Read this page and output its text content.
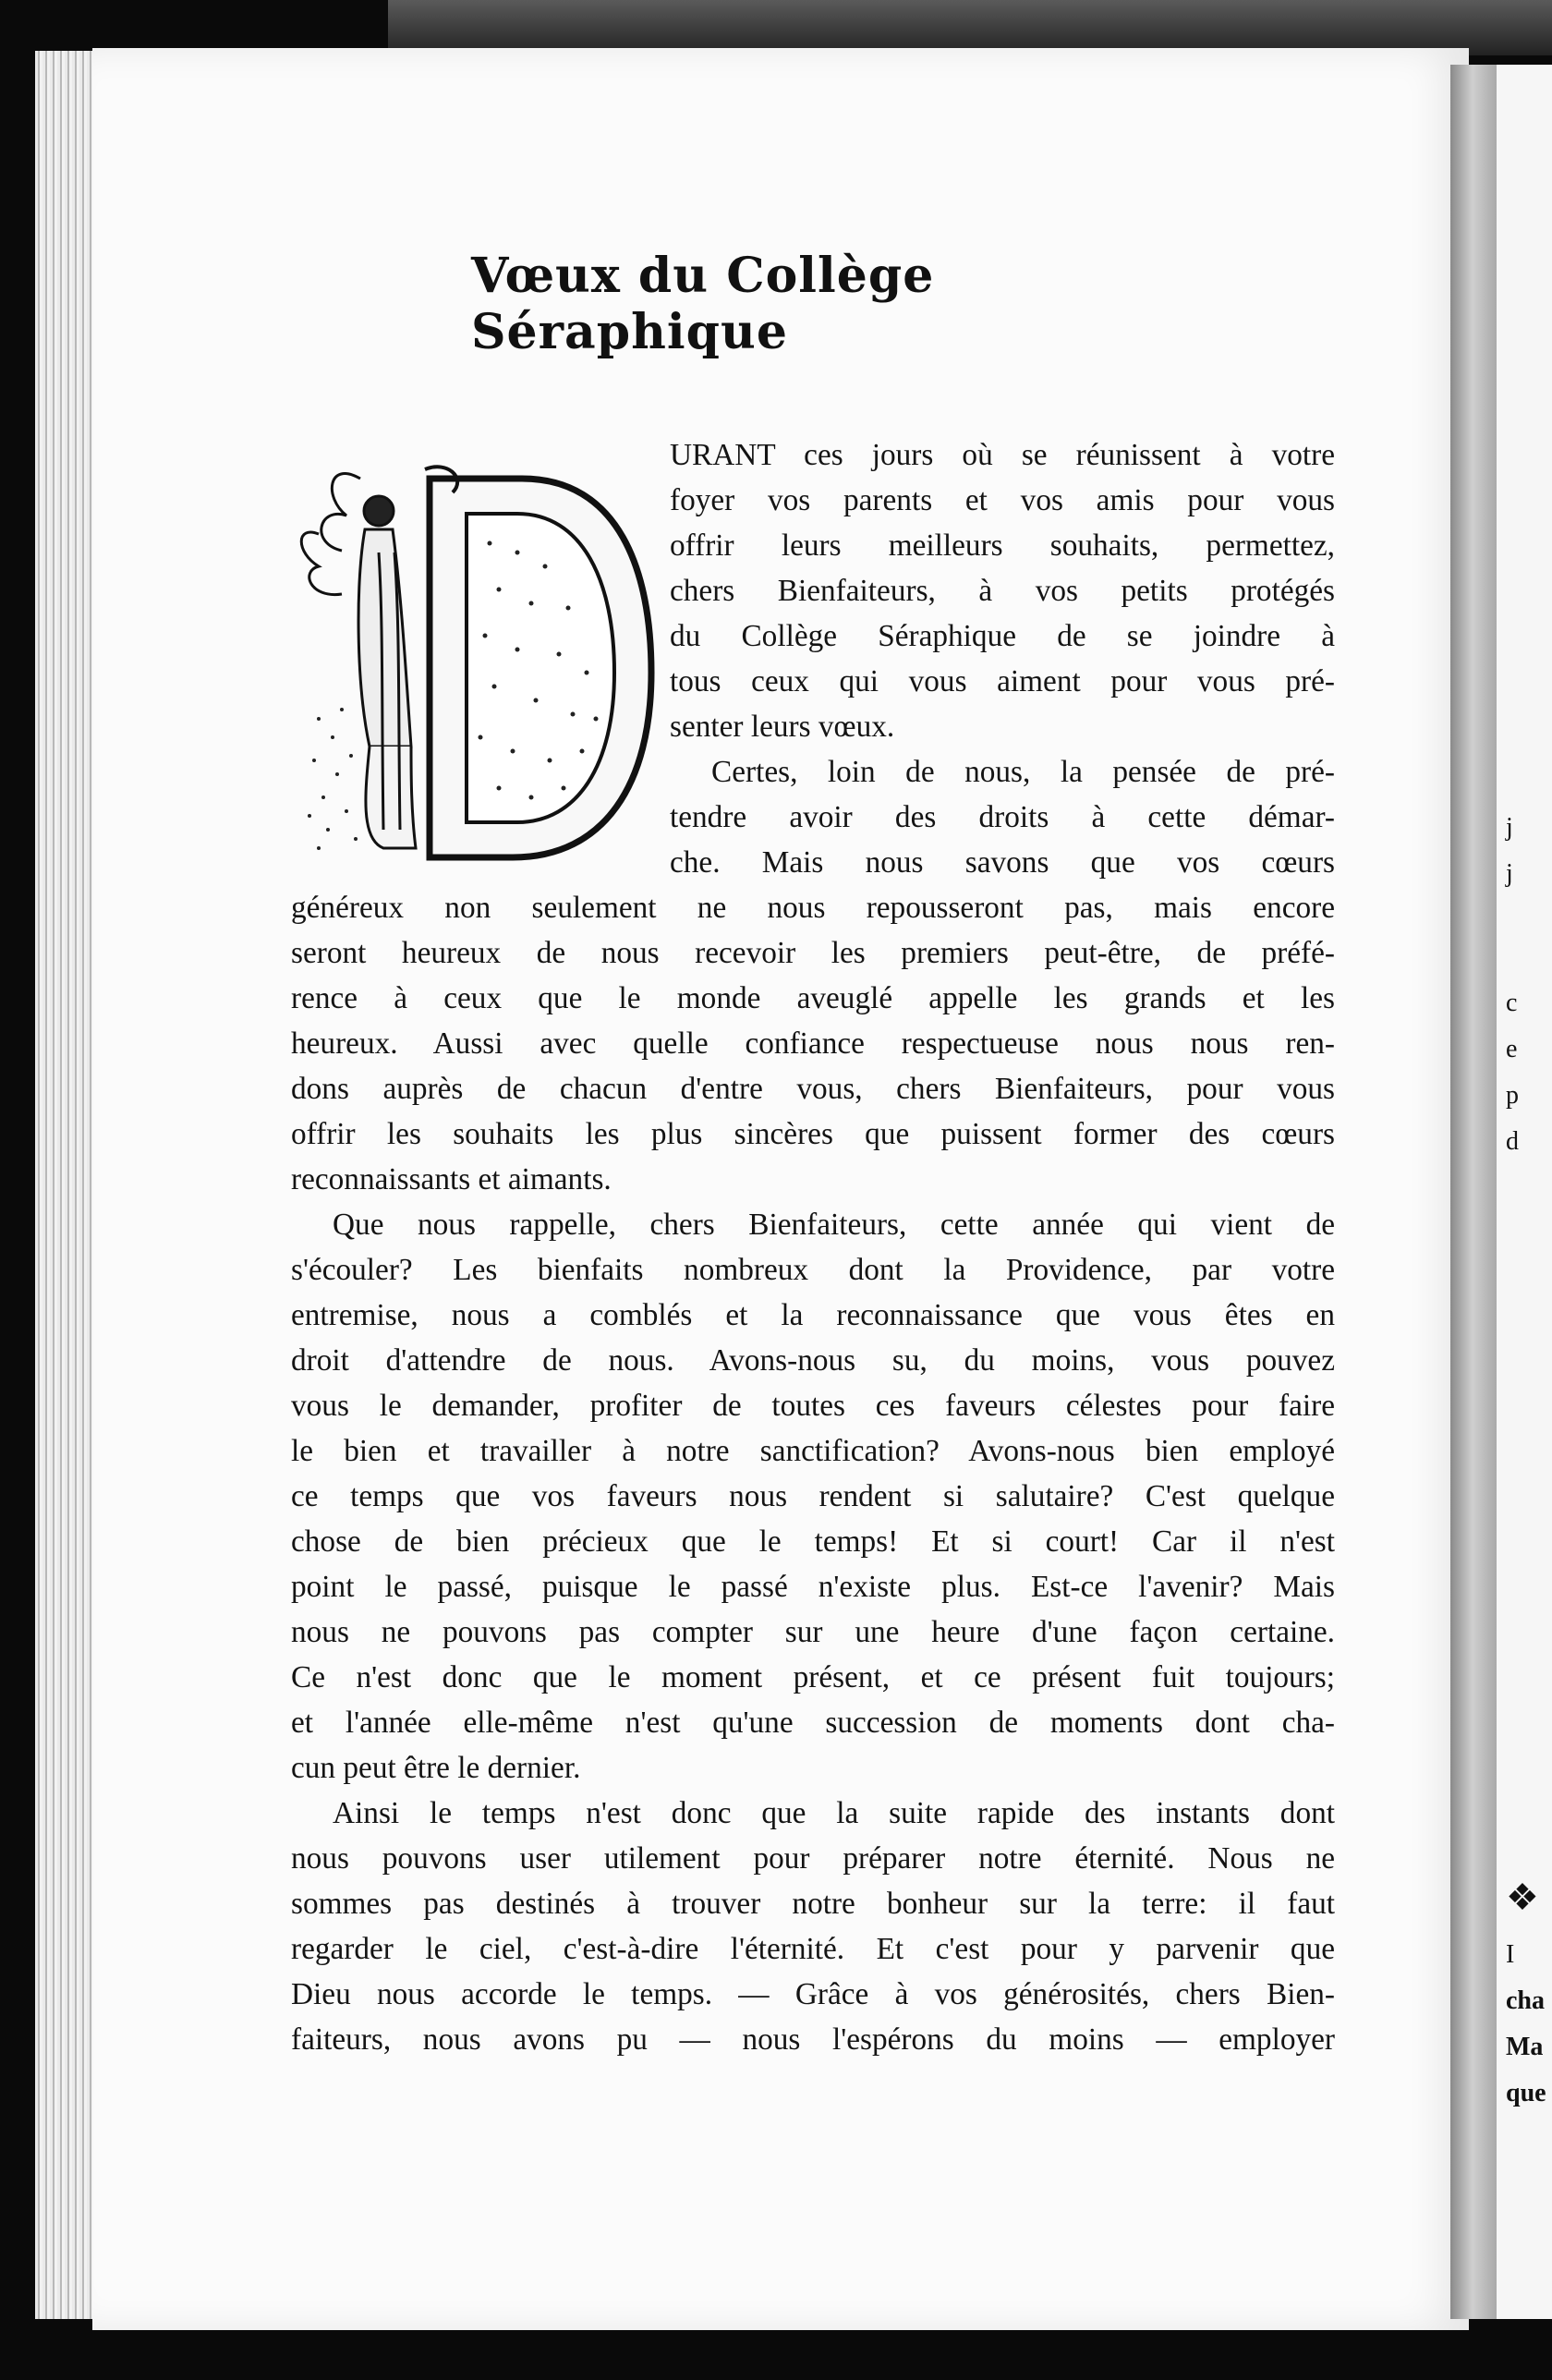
j
j
c
e
p
d
❖
I
cha
Ma
que
Vœux du Collège Séraphique
URANT ces jours où se réunissent à votre
foyer vos parents et vos amis pour vous
offrir leurs meilleurs souhaits, permettez,
chers Bienfaiteurs, à vos petits protégés
du Collège Séraphique de se joindre à
tous ceux qui vous aiment pour vous pré-
senter leurs vœux.
Certes, loin de nous, la pensée de pré-
tendre avoir des droits à cette démar-
che. Mais nous savons que vos cœurs
généreux non seulement ne nous repousseront pas, mais encore
seront heureux de nous recevoir les premiers peut-être, de préfé-
rence à ceux que le monde aveuglé appelle les grands et les
heureux. Aussi avec quelle confiance respectueuse nous nous ren-
dons auprès de chacun d'entre vous, chers Bienfaiteurs, pour vous
offrir les souhaits les plus sincères que puissent former des cœurs
reconnaissants et aimants.
Que nous rappelle, chers Bienfaiteurs, cette année qui vient de
s'écouler? Les bienfaits nombreux dont la Providence, par votre
entremise, nous a comblés et la reconnaissance que vous êtes en
droit d'attendre de nous. Avons-nous su, du moins, vous pouvez
vous le demander, profiter de toutes ces faveurs célestes pour faire
le bien et travailler à notre sanctification? Avons-nous bien employé
ce temps que vos faveurs nous rendent si salutaire? C'est quelque
chose de bien précieux que le temps! Et si court! Car il n'est
point le passé, puisque le passé n'existe plus. Est-ce l'avenir? Mais
nous ne pouvons pas compter sur une heure d'une façon certaine.
Ce n'est donc que le moment présent, et ce présent fuit toujours;
et l'année elle-même n'est qu'une succession de moments dont cha-
cun peut être le dernier.
Ainsi le temps n'est donc que la suite rapide des instants dont
nous pouvons user utilement pour préparer notre éternité. Nous ne
sommes pas destinés à trouver notre bonheur sur la terre: il faut
regarder le ciel, c'est-à-dire l'éternité. Et c'est pour y parvenir que
Dieu nous accorde le temps. — Grâce à vos générosités, chers Bien-
faiteurs, nous avons pu — nous l'espérons du moins — employer
